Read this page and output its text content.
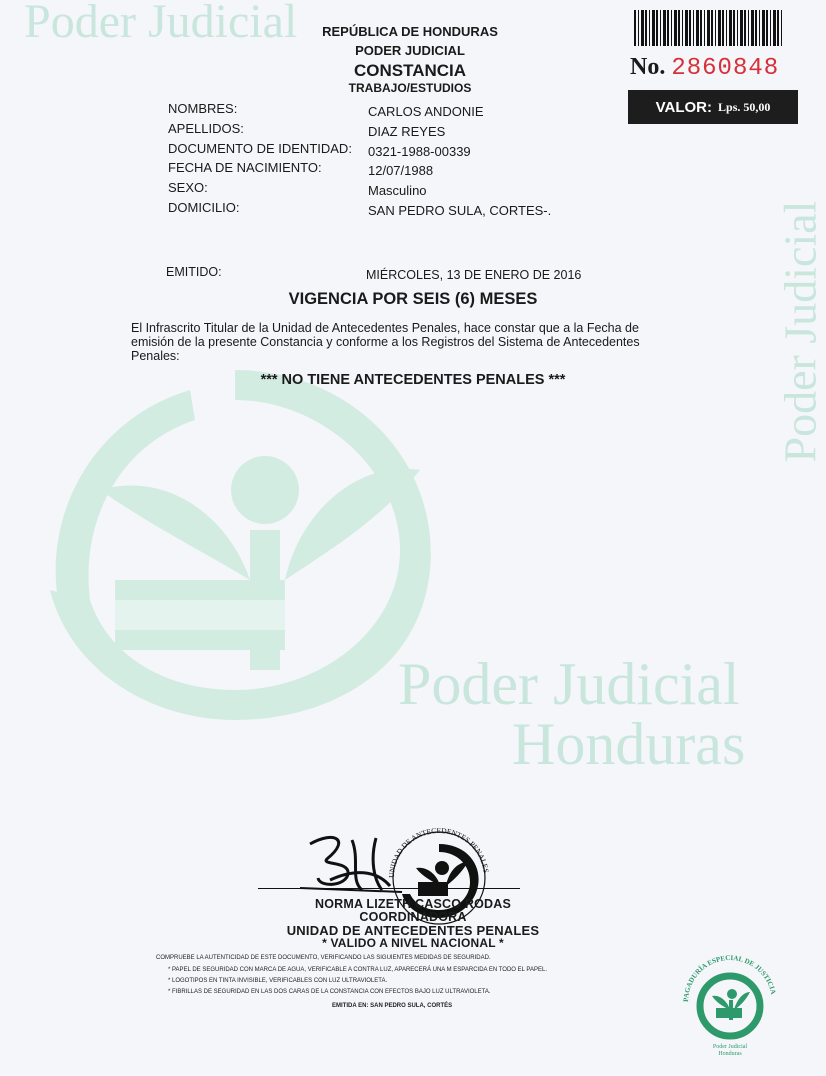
Poder Judicial
Poder Judicial
Poder Judicial
Honduras
No. 2860848
VALOR: Lps. 50,00
REPÚBLICA DE HONDURAS
PODER JUDICIAL
CONSTANCIA
TRABAJO/ESTUDIOS
NOMBRES:	CARLOS ANDONIE
APELLIDOS:	DIAZ REYES
DOCUMENTO DE IDENTIDAD: 0321-1988-00339
FECHA DE NACIMIENTO:	12/07/1988
SEXO:	Masculino
DOMICILIO:	SAN PEDRO SULA, CORTES-.
EMITIDO:	MIÉRCOLES, 13 DE ENERO DE 2016
VIGENCIA POR SEIS (6) MESES
El Infrascrito Titular de la Unidad de Antecedentes Penales, hace constar que a la Fecha de
emisión de la presente Constancia y conforme a los Registros del Sistema de Antecedentes
Penales:
*** NO TIENE ANTECEDENTES PENALES ***
UNIDAD DE ANTECEDENTES PENALES
NORMA LIZETH CASCO RODAS
COORDINADORA
UNIDAD DE ANTECEDENTES PENALES
* VALIDO A NIVEL NACIONAL *
COMPRUEBE LA AUTENTICIDAD DE ESTE DOCUMENTO, VERIFICANDO LAS SIGUIENTES MEDIDAS DE SEGURIDAD.
* PAPEL DE SEGURIDAD CON MARCA DE AGUA, VERIFICABLE A CONTRA LUZ, APARECERÁ UNA M ESPARCIDA EN TODO EL PAPEL.
* LOGOTIPOS EN TINTA INVISIBLE, VERIFICABLES CON LUZ ULTRAVIOLETA.
* FIBRILLAS DE SEGURIDAD EN LAS DOS CARAS DE LA CONSTANCIA CON EFECTOS BAJO LUZ ULTRAVIOLETA.
EMITIDA EN: SAN PEDRO SULA, CORTÉS
PAGADURÍA ESPECIAL DE JUSTICIA
Poder Judicial
Honduras
